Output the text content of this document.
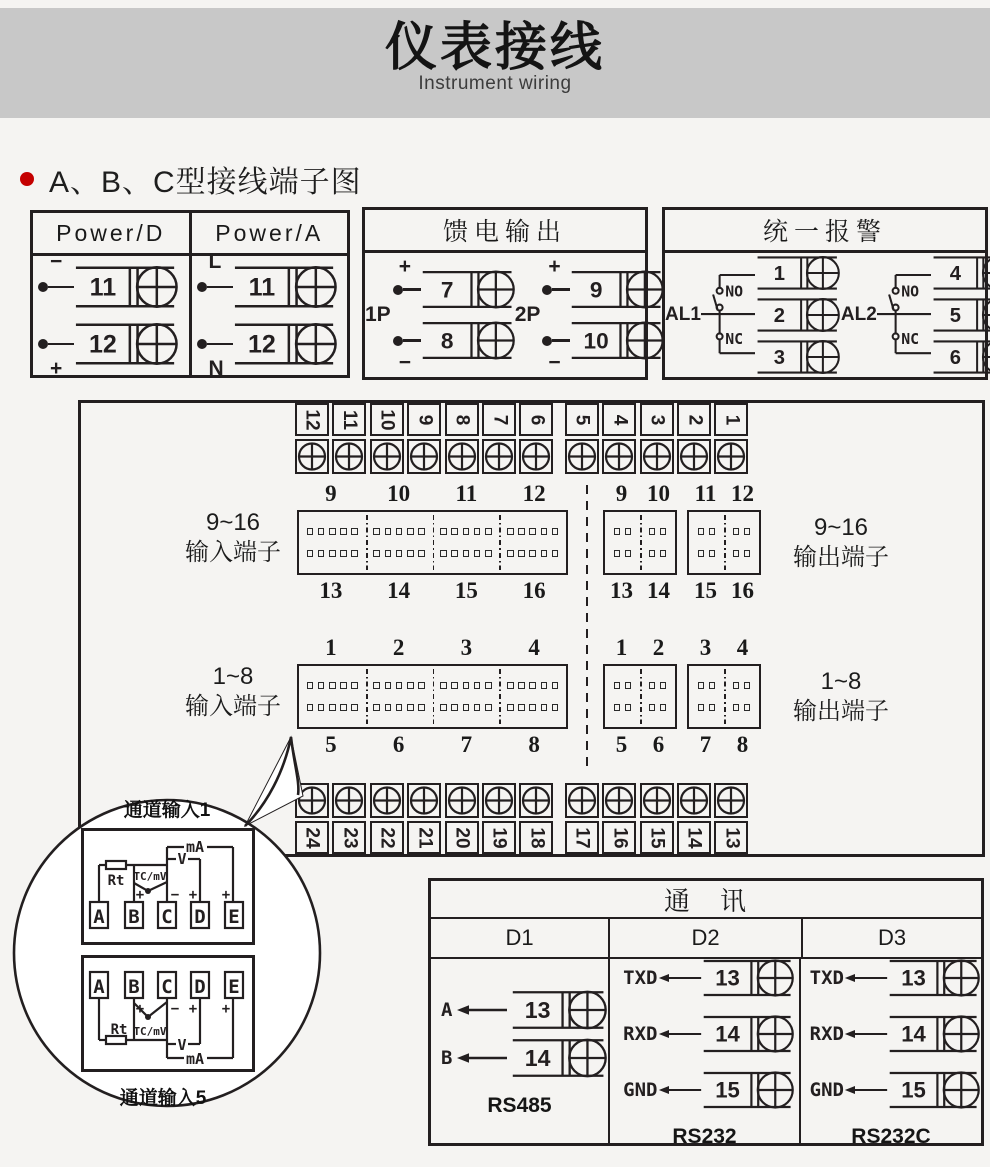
仪表接线
Instrument wiring
A、B、C型接线端子图
Power/D	Power/A
−
11
+
12
L
11
N
12
馈电输出
1P
+
7
−
8
2P
+
9
−
10
统一报警
AL1
NO
NC
1
2
3
AL2
NO
NC
4
5
6
12 11 10 9 8 7 6 5 4 3 2 1
24 23 22 21 20 19 18 17 16 15 14 13
9~16
输入端子
9	10	11	12
13	14	15	16
9 10
13 14
11 12
15 16
9~16
输出端子
1~8
输入端子
1	2	3	4
5	6	7	8
1	2
5	6
3	4
7	8
1~8
输出端子
通道输入1
A B C D E
Rt TC/mV
V
mA
+ − + +
A B C D E
Rt TC/mV
V
mA
+ − + +
通道输入5
通　讯
D1	D2	D3
A	13
B	14
RS485
TXD 13
RXD 14
GND 15
RS232
TXD 13
RXD 14
GND 15
RS232C
